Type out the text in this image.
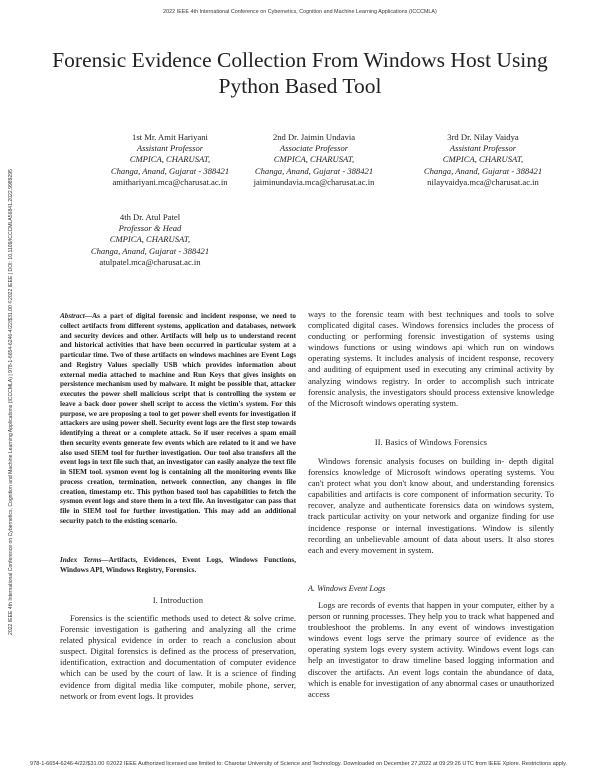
2022 IEEE 4th International Conference on Cybernetics, Cognition and Machine Learning Applications (ICCCMLA)
2022 IEEE 4th International Conference on Cybernetics, Cognition and Machine Learning Applications (ICCCMLA) | 978-1-6654-6246-4/22/$31.00 ©2022 IEEE | DOI: 10.1109/ICCCMLA56841.2022.9989295
Forensic Evidence Collection From Windows Host Using Python Based Tool
1st Mr. Amit Hariyani
Assistant Professor
CMPICA, CHARUSAT,
Changa, Anand, Gujarat - 388421
amithariyani.mca@charusat.ac.in
2nd Dr. Jaimin Undavia
Associate Professor
CMPICA, CHARUSAT,
Changa, Anand, Gujarat - 388421
jaiminundavia.mca@charusat.ac.in
3rd Dr. Nilay Vaidya
Assistant Professor
CMPICA, CHARUSAT,
Changa, Anand, Gujarat - 388421
nilayvaidya.mca@charusat.ac.in
4th Dr. Atul Patel
Professor & Head
CMPICA, CHARUSAT,
Changa, Anand, Gujarat - 388421
atulpatel.mca@charusat.ac.in
Abstract—As a part of digital forensic and incident response, we need to collect artifacts from different systems, application and databases, network and security devices and other. Artifacts will help us to understand recent and historical activities that have been occurred in particular system at a particular time. Two of these artifacts on windows machines are Event Logs and Registry Values specially USB which provides information about external media attached to machine and Run Keys that gives insights on persistence mechanism used by malware. It might be possible that, attacker executes the power shell malicious script that is controlling the system or leave a back door power shell script to access the victim's system. For this purpose, we are proposing a tool to get power shell events for investigation if attackers are using power shell. Security event logs are the first step towards identifying a threat or a complete attack. So if user receives a spam email then security events generate few events which are related to it and we have also used SIEM tool for further investigation. Our tool also transfers all the event logs in text file such that, an investigator can easily analyze the text file in SIEM tool. sysmon event log is containing all the monitoring events like process creation, termination, network connection, any changes in file creation, timestamp etc. This python based tool has capabilities to fetch the sysmon event logs and store them in a text file. An investigator can pass that file in SIEM tool for further investigation. This may add an additional security patch to the existing scenario.
Index Terms—Artifacts, Evidences, Event Logs, Windows Functions, Windows API, Windows Registry, Forensics.
I. Introduction
Forensics is the scientific methods used to detect & solve crime. Forensic investigation is gathering and analyzing all the crime related physical evidence in order to reach a conclusion about suspect. Digital forensics is defined as the process of preservation, identification, extraction and documentation of computer evidence which can be used by the court of law. It is a science of finding evidence from digital media like computer, mobile phone, server, network or from event logs. It provides
ways to the forensic team with best techniques and tools to solve complicated digital cases. Windows forensics includes the process of conducting or performing forensic investigation of systems using windows functions or using windows api which run on windows operating systems. It includes analysis of incident response, recovery and auditing of equipment used in executing any criminal activity by analyzing windows registry. In order to accomplish such intricate forensic analysis, the investigators should process extensive knowledge of the Microsoft windows operating system.
II. Basics of Windows Forensics
Windows forensic analysis focuses on building in- depth digital forensics knowledge of Microsoft windows operating systems. You can't protect what you don't know about, and understanding forensics capabilities and artifacts is core component of information security. To recover, analyze and authenticate forensics data on windows system, track particular activity on your network and organize finding for use incidence response or internal investigations. Window is silently recording an unbelievable amount of data about users. It also stores each and every movement in system.
A. Windows Event Logs
Logs are records of events that happen in your computer, either by a person or running processes. They help you to track what happened and troubleshoot the problems. In any event of windows investigation windows event logs serve the primary source of evidence as the operating system logs every system activity. Windows event logs can help an investigator to draw timeline based logging information and discover the artifacts. An event logs contain the abundance of data, which is enable for investigation of any abnormal cases or unauthorized access
978-1-6654-6246-4/22/$31.00 ©2022 IEEE Authorized licensed use limited to: Charotar University of Science and Technology. Downloaded on December 27,2022 at 09:29:26 UTC from IEEE Xplore. Restrictions apply.
